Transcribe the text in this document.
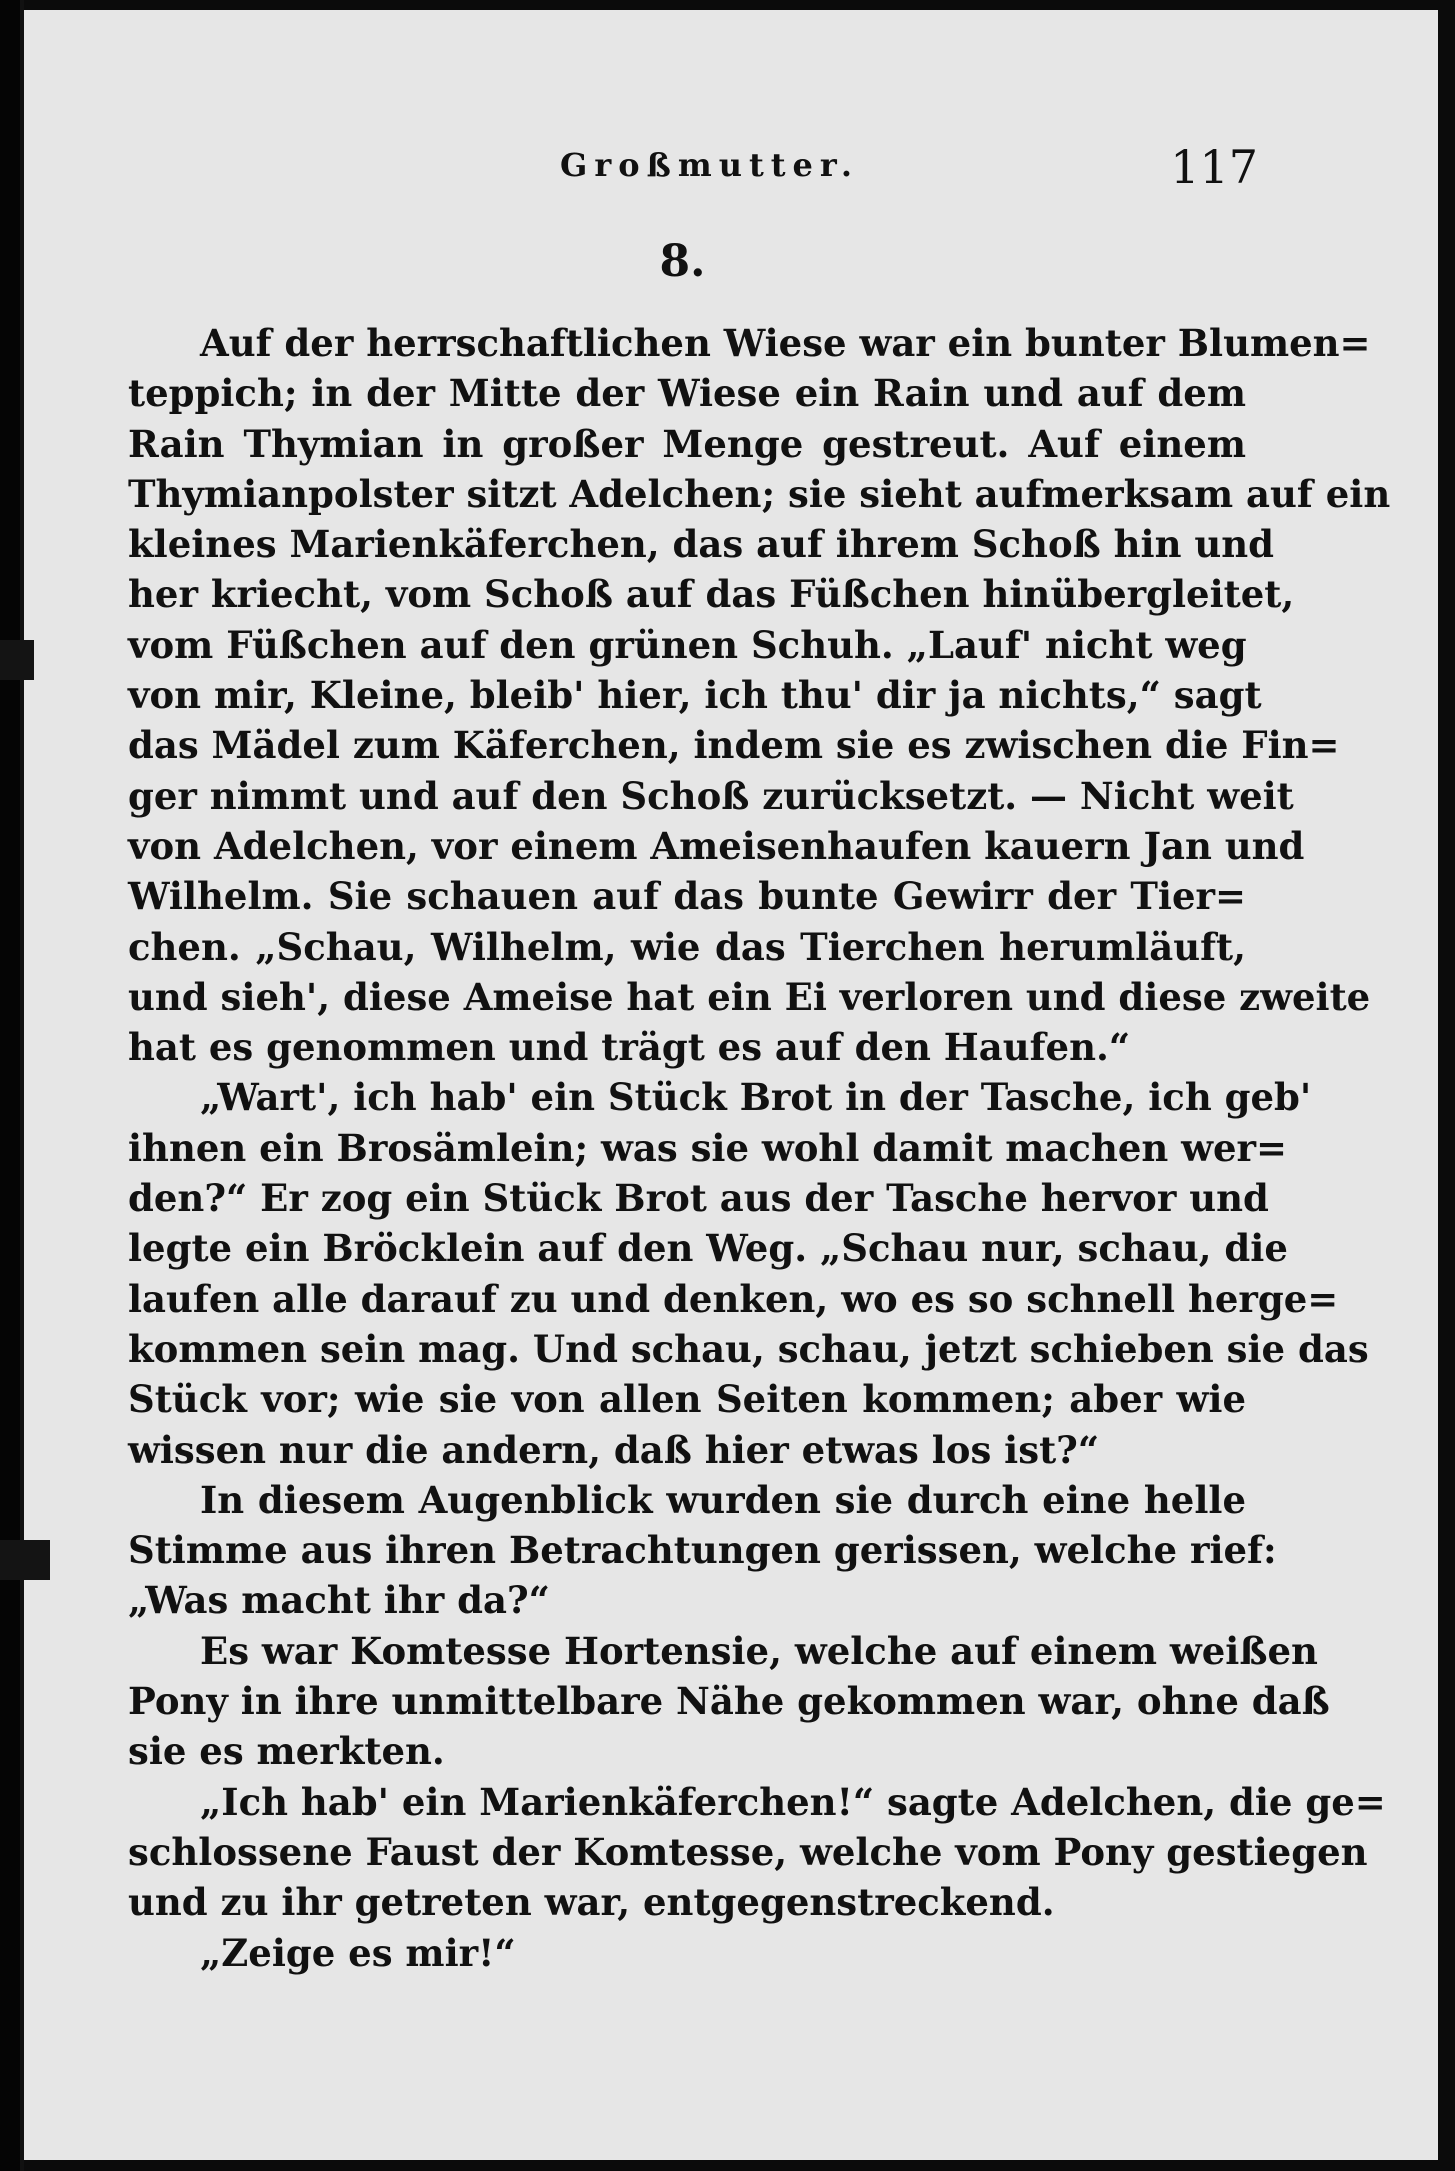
Großmutter.	117
8.
Auf der herrschaftlichen Wiese war ein bunter Blumen=
teppich; in der Mitte der Wiese ein Rain und auf dem
Rain Thymian in großer Menge gestreut. Auf einem
Thymianpolster sitzt Adelchen; sie sieht aufmerksam auf ein
kleines Marienkäferchen, das auf ihrem Schoß hin und
her kriecht, vom Schoß auf das Füßchen hinübergleitet,
vom Füßchen auf den grünen Schuh. „Lauf' nicht weg
von mir, Kleine, bleib' hier, ich thu' dir ja nichts,“ sagt
das Mädel zum Käferchen, indem sie es zwischen die Fin=
ger nimmt und auf den Schoß zurücksetzt. — Nicht weit
von Adelchen, vor einem Ameisenhaufen kauern Jan und
Wilhelm. Sie schauen auf das bunte Gewirr der Tier=
chen. „Schau, Wilhelm, wie das Tierchen herumläuft,
und sieh', diese Ameise hat ein Ei verloren und diese zweite
hat es genommen und trägt es auf den Haufen.“
„Wart', ich hab' ein Stück Brot in der Tasche, ich geb'
ihnen ein Brosämlein; was sie wohl damit machen wer=
den?“ Er zog ein Stück Brot aus der Tasche hervor und
legte ein Bröcklein auf den Weg. „Schau nur, schau, die
laufen alle darauf zu und denken, wo es so schnell herge=
kommen sein mag. Und schau, schau, jetzt schieben sie das
Stück vor; wie sie von allen Seiten kommen; aber wie
wissen nur die andern, daß hier etwas los ist?“
In diesem Augenblick wurden sie durch eine helle
Stimme aus ihren Betrachtungen gerissen, welche rief:
„Was macht ihr da?“
Es war Komtesse Hortensie, welche auf einem weißen
Pony in ihre unmittelbare Nähe gekommen war, ohne daß
sie es merkten.
„Ich hab' ein Marienkäferchen!“ sagte Adelchen, die ge=
schlossene Faust der Komtesse, welche vom Pony gestiegen
und zu ihr getreten war, entgegenstreckend.
„Zeige es mir!“
